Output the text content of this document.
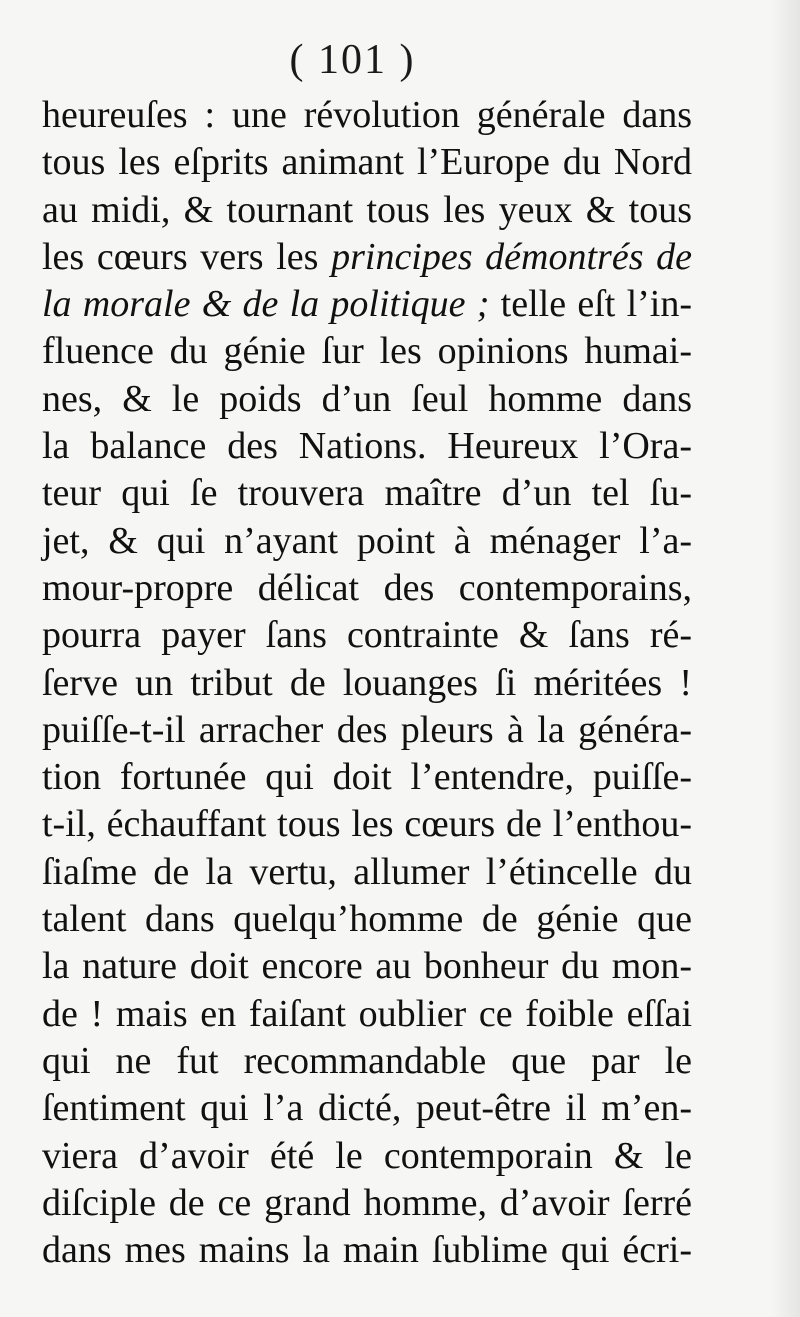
( 101 )
heureuſes : une révolution générale dans
tous les eſprits animant l’Europe du Nord
au midi, & tournant tous les yeux & tous
les cœurs vers les principes démontrés de
la morale & de la politique ; telle eſt l’in-
fluence du génie ſur les opinions humai-
nes, & le poids d’un ſeul homme dans
la balance des Nations. Heureux l’Ora-
teur qui ſe trouvera maître d’un tel ſu-
jet, & qui n’ayant point à ménager l’a-
mour-propre délicat des contemporains,
pourra payer ſans contrainte & ſans ré-
ſerve un tribut de louanges ſi méritées !
puiſſe-t-il arracher des pleurs à la généra-
tion fortunée qui doit l’entendre, puiſſe-
t-il, échauffant tous les cœurs de l’enthou-
ſiaſme de la vertu, allumer l’étincelle du
talent dans quelqu’homme de génie que
la nature doit encore au bonheur du mon-
de ! mais en faiſant oublier ce foible eſſai
qui ne fut recommandable que par le
ſentiment qui l’a dicté, peut-être il m’en-
viera d’avoir été le contemporain & le
diſciple de ce grand homme, d’avoir ſerré
dans mes mains la main ſublime qui écri-
